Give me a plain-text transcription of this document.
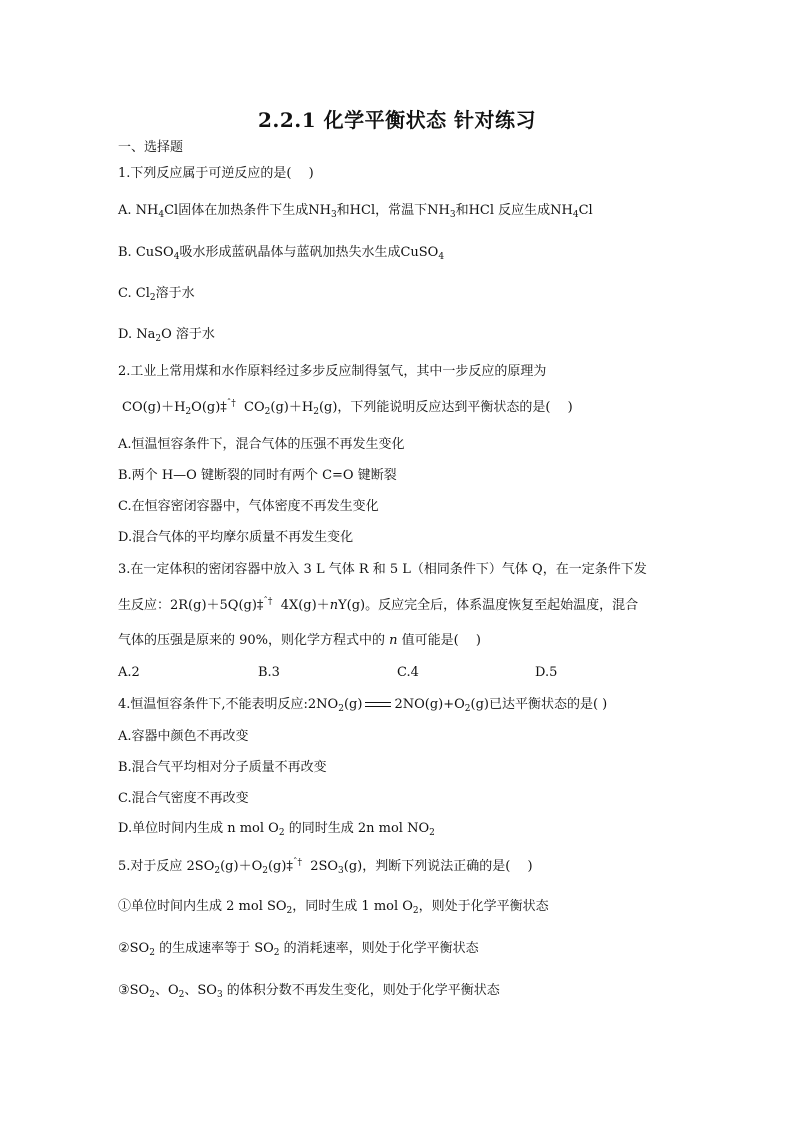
2.2.1 化学平衡状态 针对练习
一、选择题
1.下列反应属于可逆反应的是(　 )
A. $NH_4Cl$固体在加热条件下生成$NH_3$和HCl，常温下$NH_3$和HCl 反应生成$NH_4Cl$
B. CuSO$_4$吸水形成蓝矾晶体与蓝矾加热失水生成CuSO$_4$
C. $Cl_2$溶于水
D. $Na_2O$ 溶于水
2.工业上常用煤和水作原料经过多步反应制得氢气，其中一步反应的原理为
$CO(g)+H_2O(g)\ddagger^{ˆ\dagger}$ $CO_2(g)+H_2(g)$，下列能说明反应达到平衡状态的是(　 )
A.恒温恒容条件下，混合气体的压强不再发生变化
B.两个 H—O 键断裂的同时有两个 C=O 键断裂
C.在恒容密闭容器中，气体密度不再发生变化
D.混合气体的平均摩尔质量不再发生变化
3.在一定体积的密闭容器中放入 3 L 气体 R 和 5 L（相同条件下）气体 Q，在一定条件下发
生反应：2R(g)＋5Q(g)‡$^{ˆ\dagger}$ 4X(g)＋nY(g)。反应完全后，体系温度恢复至起始温度，混合
气体的压强是原来的 90%，则化学方程式中的 n 值可能是(　 )
A.2	B.3	C.4	D.5
4.恒温恒容条件下,不能表明反应$:2NO_2(g)$ $2NO(g)+O_2(g)$已达平衡状态的是( )
A.容器中颜色不再改变
B.混合气平均相对分子质量不再改变
C.混合气密度不再改变
D.单位时间内生成 n mol $O_2$ 的同时生成 2n mol $NO_2$
5.对于反应 $2SO_2(g)+O_2(g)\ddagger^{ˆ\dagger}$ $2SO_3(g)$，判断下列说法正确的是(　 )
①单位时间内生成 2 mol $SO_2$，同时生成 1 mol $O_2$，则处于化学平衡状态
$②SO_2$ 的生成速率等于 $SO_2$ 的消耗速率，则处于化学平衡状态
$③SO_2$、$O_2$、$SO_3$ 的体积分数不再发生变化，则处于化学平衡状态
